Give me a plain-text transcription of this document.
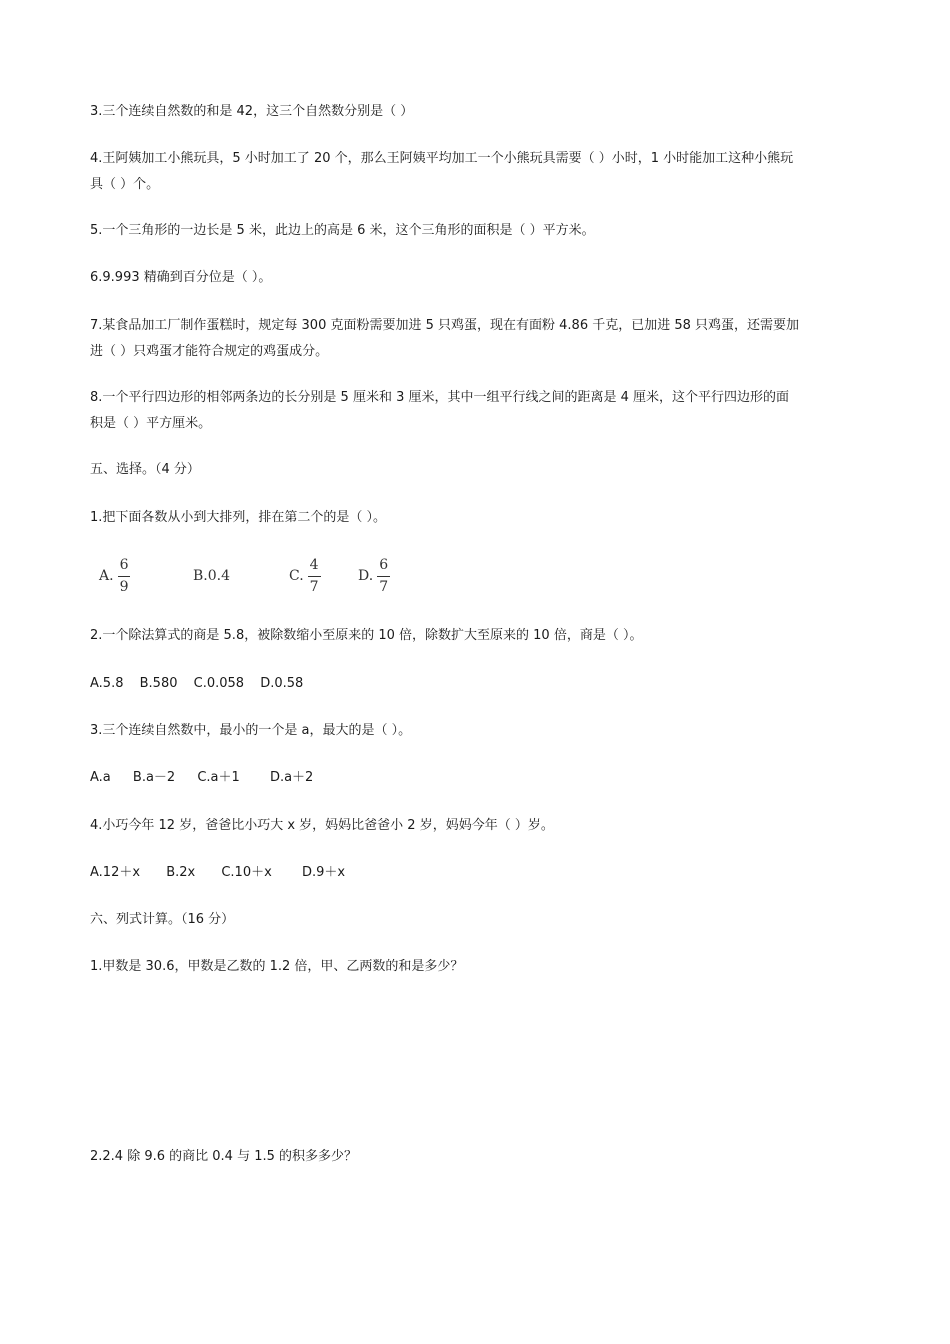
3.三个连续自然数的和是 42，这三个自然数分别是（ ）
4.王阿姨加工小熊玩具，5 小时加工了 20 个，那么王阿姨平均加工一个小熊玩具需要（ ）小时，1 小时能加工这种小熊玩
具（ ）个。
5.一个三角形的一边长是 5 米，此边上的高是 6 米，这个三角形的面积是（ ）平方米。
6.9.993 精确到百分位是（ ）。
7.某食品加工厂制作蛋糕时，规定每 300 克面粉需要加进 5 只鸡蛋，现在有面粉 4.86 千克，已加进 58 只鸡蛋，还需要加
进（ ）只鸡蛋才能符合规定的鸡蛋成分。
8.一个平行四边形的相邻两条边的长分别是 5 厘米和 3 厘米，其中一组平行线之间的距离是 4 厘米，这个平行四边形的面
积是（ ）平方厘米。
五、选择。（4 分）
1.把下面各数从小到大排列，排在第二个的是（ ）。
A. $\frac{6}{9}$	B.0.4	C. $\frac{4}{7}$	D. $\frac{6}{7}$
2.一个除法算式的商是 5.8，被除数缩小至原来的 10 倍，除数扩大至原来的 10 倍，商是（ ）。
A.5.8 B.580 C.0.058 D.0.58
3.三个连续自然数中，最小的一个是 a，最大的是（ ）。
A.a B.a－2 C.a＋1 D.a＋2
4.小巧今年 12 岁，爸爸比小巧大 x 岁，妈妈比爸爸小 2 岁，妈妈今年（ ）岁。
A.12＋x B.2x C.10＋x D.9＋x
六、列式计算。（16 分）
1.甲数是 30.6，甲数是乙数的 1.2 倍，甲、乙两数的和是多少？
2.2.4 除 9.6 的商比 0.4 与 1.5 的积多多少？
